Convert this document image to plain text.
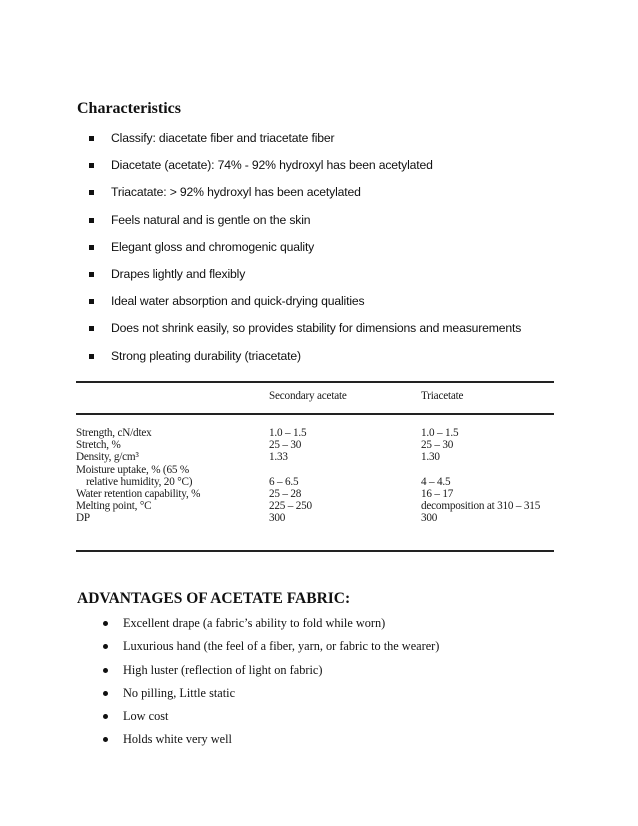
Characteristics
Classify: diacetate fiber and triacetate fiber
Diacetate (acetate): 74% - 92% hydroxyl has been acetylated
Triacatate: > 92% hydroxyl has been acetylated
Feels natural and is gentle on the skin
Elegant gloss and chromogenic quality
Drapes lightly and flexibly
Ideal water absorption and quick-drying qualities
Does not shrink easily, so provides stability for dimensions and measurements
Strong pleating durability (triacetate)
Secondary acetate	Triacetate
Strength, cN/dtex	1.0 – 1.5	1.0 – 1.5
Stretch, %	25 – 30	25 – 30
Density, g/cm³	1.33	1.30
Moisture uptake, % (65 %
relative humidity, 20 °C)	6 – 6.5	4 – 4.5
Water retention capability, %	25 – 28	16 – 17
Melting point, °C	225 – 250	decomposition at 310 – 315
DP	300	300
ADVANTAGES OF ACETATE FABRIC:
Excellent drape (a fabric’s ability to fold while worn)
Luxurious hand (the feel of a fiber, yarn, or fabric to the wearer)
High luster (reflection of light on fabric)
No pilling, Little static
Low cost
Holds white very well
